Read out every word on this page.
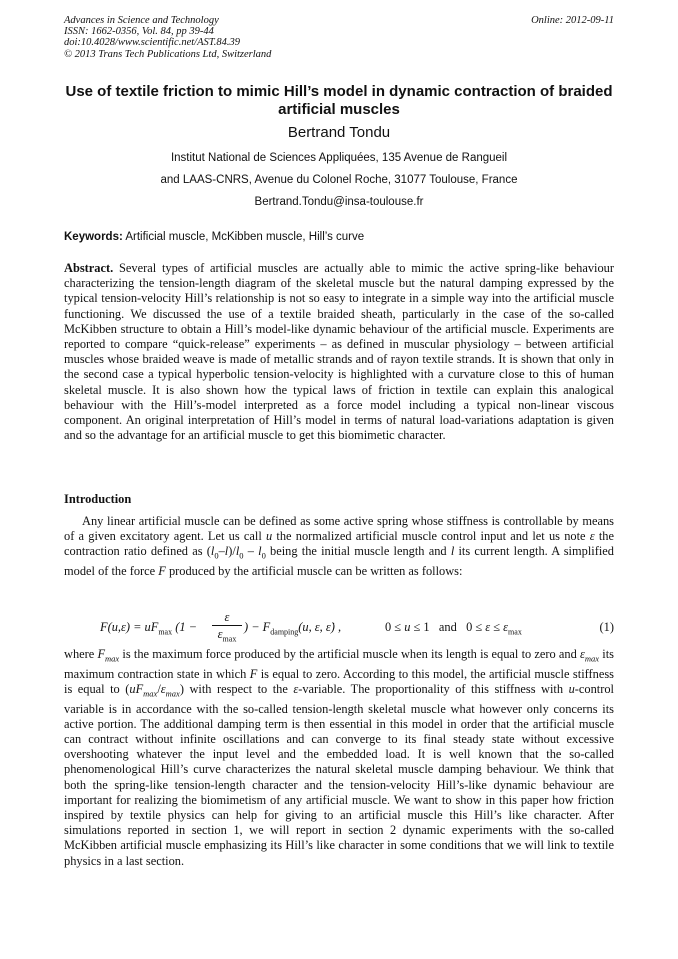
Advances in Science and Technology
ISSN: 1662-0356, Vol. 84, pp 39-44
doi:10.4028/www.scientific.net/AST.84.39
© 2013 Trans Tech Publications Ltd, Switzerland
Online: 2012-09-11
Use of textile friction to mimic Hill’s model in dynamic contraction of braided artificial muscles
Bertrand Tondu
Institut National de Sciences Appliquées, 135 Avenue de Rangueil
and LAAS-CNRS, Avenue du Colonel Roche, 31077 Toulouse, France
Bertrand.Tondu@insa-toulouse.fr
Keywords: Artificial muscle, McKibben muscle, Hill’s curve
Abstract. Several types of artificial muscles are actually able to mimic the active spring-like behaviour characterizing the tension-length diagram of the skeletal muscle but the natural damping expressed by the typical tension-velocity Hill’s relationship is not so easy to integrate in a simple way into the artificial muscle functioning. We discussed the use of a textile braided sheath, particularly in the case of the so-called McKibben structure to obtain a Hill’s model-like dynamic behaviour of the artificial muscle. Experiments are reported to compare “quick-release” experiments – as defined in muscular physiology – between artificial muscles whose braided weave is made of metallic strands and of rayon textile strands. It is shown that only in the second case a typical hyperbolic tension-velocity is highlighted with a curvature close to this of human skeletal muscle. It is also shown how the typical laws of friction in textile can explain this analogical behaviour with the Hill’s-model interpreted as a force model including a typical non-linear viscous component. An original interpretation of Hill’s model in terms of natural load-variations adaptation is given and so the advantage for an artificial muscle to get this biomimetic character.
Introduction
Any linear artificial muscle can be defined as some active spring whose stiffness is controllable by means of a given excitatory agent. Let us call u the normalized artificial muscle control input and let us note ε the contraction ratio defined as $(l_0-l)/l_0 - l_0$ being the initial muscle length and l its current length. A simplified model of the force F produced by the artificial muscle can be written as follows:
$F(u,\varepsilon) = uF_{max}$ (1 −
ε
$\varepsilon_{max}$
) − $F_{damping}(u$, ε, ε̇) ,	0 ≤ u ≤ 1   and   $0 \le \varepsilon \le \varepsilon_{max}$	(1)
where $F_{max}$ is the maximum force produced by the artificial muscle when its length is equal to zero and $\varepsilon_{max}$ its maximum contraction state in which F is equal to zero. According to this model, the artificial muscle stiffness is equal to $(uF_{max}/\varepsilon_{max})$ with respect to the ε-variable. The proportionality of this stiffness with u-control variable is in accordance with the so-called tension-length skeletal muscle what however only concerns its active portion. The additional damping term is then essential in this model in order that the artificial muscle can contract without infinite oscillations and can converge to its final steady state without excessive overshooting whatever the input level and the embedded load. It is well known that the so-called phenomenological Hill’s curve characterizes the natural skeletal muscle damping behaviour. We think that both the spring-like tension-length character and the tension-velocity Hill’s-like dynamic behaviour are important for realizing the biomimetism of any artificial muscle. We want to show in this paper how friction inspired by textile physics can help for giving to an artificial muscle this Hill’s like character. After simulations reported in section 1, we will report in section 2 dynamic experiments with the so-called McKibben artificial muscle emphasizing its Hill’s like character in some conditions that we will link to textile physics in a last section.
